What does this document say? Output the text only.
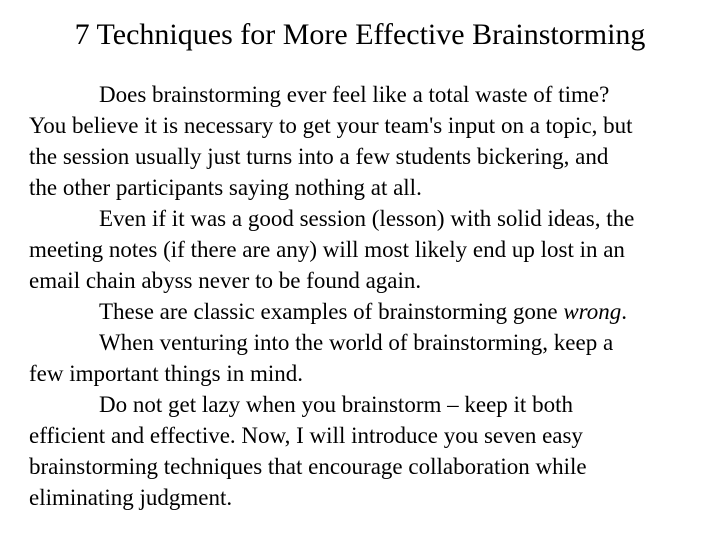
7 Techniques for More Effective Brainstorming
Does brainstorming ever feel like a total waste of time?
You believe it is necessary to get your team's input on a topic, but
the session usually just turns into a few students bickering, and
the other participants saying nothing at all.
Even if it was a good session (lesson) with solid ideas, the
meeting notes (if there are any) will most likely end up lost in an
email chain abyss never to be found again.
These are classic examples of brainstorming gone wrong.
When venturing into the world of brainstorming, keep a
few important things in mind.
Do not get lazy when you brainstorm – keep it both
efficient and effective. Now, I will introduce you seven easy
brainstorming techniques that encourage collaboration while
eliminating judgment.
